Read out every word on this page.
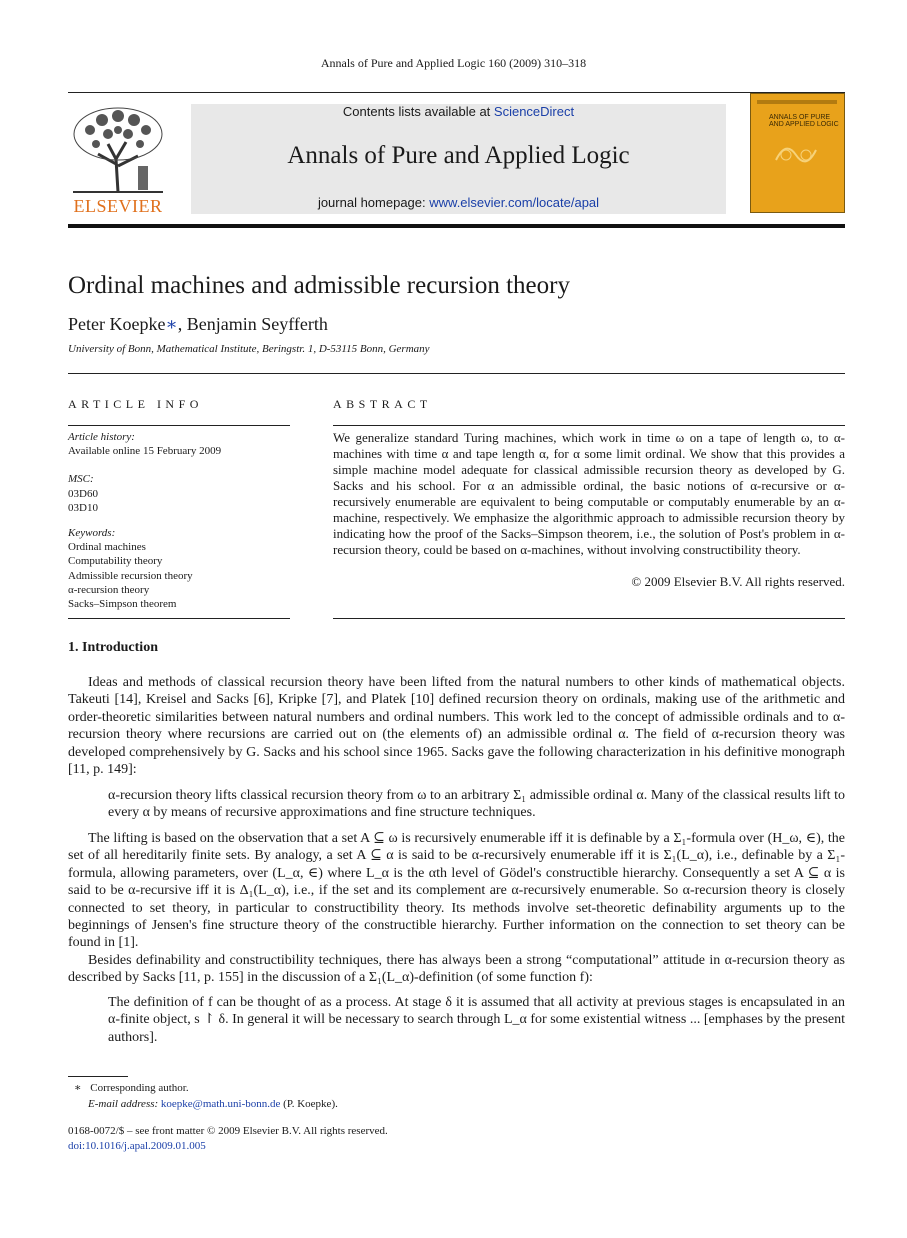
Annals of Pure and Applied Logic 160 (2009) 310–318
ELSEVIER
Contents lists available at ScienceDirect
Annals of Pure and Applied Logic
journal homepage: www.elsevier.com/locate/apal
ANNALS OF PURE AND APPLIED LOGIC
Ordinal machines and admissible recursion theory
Peter Koepke∗, Benjamin Seyfferth
University of Bonn, Mathematical Institute, Beringstr. 1, D-53115 Bonn, Germany
ARTICLE INFO
Article history:
Available online 15 February 2009
MSC:
03D60
03D10
Keywords:
Ordinal machines
Computability theory
Admissible recursion theory
α-recursion theory
Sacks–Simpson theorem
ABSTRACT
We generalize standard Turing machines, which work in time ω on a tape of length ω, to α-machines with time α and tape length α, for α some limit ordinal. We show that this provides a simple machine model adequate for classical admissible recursion theory as developed by G. Sacks and his school. For α an admissible ordinal, the basic notions of α-recursive or α-recursively enumerable are equivalent to being computable or computably enumerable by an α-machine, respectively. We emphasize the algorithmic approach to admissible recursion theory by indicating how the proof of the Sacks–Simpson theorem, i.e., the solution of Post's problem in α-recursion theory, could be based on α-machines, without involving constructibility theory.
© 2009 Elsevier B.V. All rights reserved.
1. Introduction

Ideas and methods of classical recursion theory have been lifted from the natural numbers to other kinds of mathematical objects. Takeuti [14], Kreisel and Sacks [6], Kripke [7], and Platek [10] defined recursion theory on ordinals, making use of the arithmetic and order-theoretic similarities between natural numbers and ordinal numbers. This work led to the concept of admissible ordinals and to α-recursion theory where recursions are carried out on (the elements of) an admissible ordinal α. The field of α-recursion theory was developed comprehensively by G. Sacks and his school since 1965. Sacks gave the following characterization in his definitive monograph [11, p. 149]:

α-recursion theory lifts classical recursion theory from ω to an arbitrary Σ₁ admissible ordinal α. Many of the classical results lift to every α by means of recursive approximations and fine structure techniques.

The lifting is based on the observation that a set A ⊆ ω is recursively enumerable iff it is definable by a Σ₁-formula over (H_ω, ∈), the set of all hereditarily finite sets. By analogy, a set A ⊆ α is said to be α-recursively enumerable iff it is Σ₁(L_α), i.e., definable by a Σ₁-formula, allowing parameters, over (L_α, ∈) where L_α is the αth level of Gödel's constructible hierarchy. Consequently a set A ⊆ α is said to be α-recursive iff it is Δ₁(L_α), i.e., if the set and its complement are α-recursively enumerable. So α-recursion theory is closely connected to set theory, in particular to constructibility theory. Its methods involve set-theoretic definability arguments up to the beginnings of Jensen's fine structure theory of the constructible hierarchy. Further information on the connection to set theory can be found in [1].

Besides definability and constructibility techniques, there has always been a strong “computational” attitude in α-recursion theory as described by Sacks [11, p. 155] in the discussion of a Σ₁(L_α)-definition (of some function f):

The definition of f can be thought of as a process. At stage δ it is assumed that all activity at previous stages is encapsulated in an α-finite object, s ↾ δ. In general it will be necessary to search through L_α for some existential witness ... [emphases by the present authors].
∗ Corresponding author.
E-mail address: koepke@math.uni-bonn.de (P. Koepke).
0168-0072/$ – see front matter © 2009 Elsevier B.V. All rights reserved.
doi:10.1016/j.apal.2009.01.005
